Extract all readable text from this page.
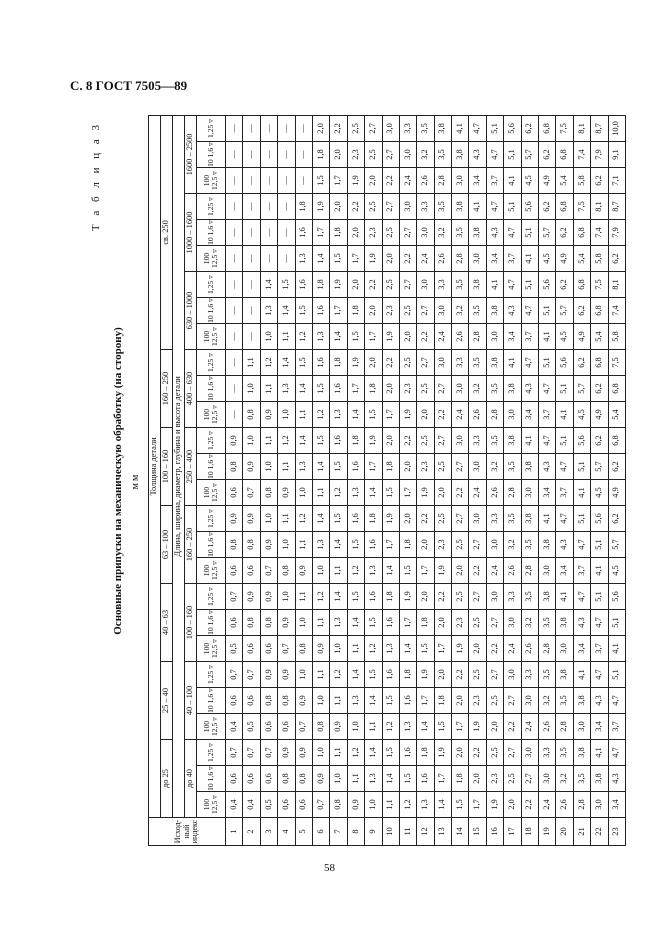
С. 8 ГОСТ 7505—89
Т а б л и ц а 3
Основные припуски на механическую обработку (на сторону) мм
Исход-ный индекс	Толщина детали																										
	до 25			25 – 40			40 – 63			63 – 100			100 – 160			160 – 250			св. 250								
	Длина, ширина, диаметр, глубина и высота детали																										
	до 40			40 – 100			100 – 160			160 – 250			250 – 400			400 – 630			630 – 1000			1000 – 1600			1600 – 2500		
	100 12,5 ▿	10 1,6 ▿	1,25 ▿	100 12,5 ▿	10 1,6 ▿	1,25 ▿	100 12,5 ▿	10 1,6 ▿	1,25 ▿	100 12,5 ▿	10 1,6 ▿	1,25 ▿	100 12,5 ▿	10 1,6 ▿	1,25 ▿	100 12,5 ▿	10 1,6 ▿	1,25 ▿	100 12,5 ▿	10 1,6 ▿	1,25 ▿	100 12,5 ▿	10 1,6 ▿	1,25 ▿	100 12,5 ▿	10 1,6 ▿	1,25 ▿
1	0,4	0,6	0,7	0,4	0,6	0,7	0,5	0,6	0,7	0,6	0,8	0,9	0,6	0,8	0,9	—	—	—	—	—	—	—	—	—	—	—	—
2	0,4	0,6	0,7	0,5	0,6	0,7	0,6	0,8	0,9	0,6	0,8	0,9	0,7	0,9	1,0	0,8	1,0	1,1	—	—	—	—	—	—	—	—	—
3	0,5	0,6	0,7	0,6	0,8	0,9	0,6	0,8	0,9	0,7	0,9	1,0	0,8	1,0	1,1	0,9	1,1	1,2	1,0	1,3	1,4	—	—	—	—	—	—
4	0,6	0,8	0,9	0,6	0,8	0,9	0,7	0,9	1,0	0,8	1,0	1,1	0,9	1,1	1,2	1,0	1,3	1,4	1,1	1,4	1,5	—	—	—	—	—	—
5	0,6	0,8	0,9	0,7	0,9	1,0	0,8	1,0	1,1	0,9	1,1	1,2	1,0	1,3	1,4	1,1	1,4	1,5	1,2	1,5	1,6	1,3	1,6	1,8	—	—	—
6	0,7	0,9	1,0	0,8	1,0	1,1	0,9	1,1	1,2	1,0	1,3	1,4	1,1	1,4	1,5	1,2	1,5	1,6	1,3	1,6	1,8	1,4	1,7	1,9	1,5	1,8	2,0
7	0,8	1,0	1,1	0,9	1,1	1,2	1,0	1,3	1,4	1,1	1,4	1,5	1,2	1,5	1,6	1,3	1,6	1,8	1,4	1,7	1,9	1,5	1,8	2,0	1,7	2,0	2,2
8	0,9	1,1	1,2	1,0	1,3	1,4	1,1	1,4	1,5	1,2	1,5	1,6	1,3	1,6	1,8	1,4	1,7	1,9	1,5	1,8	2,0	1,7	2,0	2,2	1,9	2,3	2,5
9	1,0	1,3	1,4	1,1	1,4	1,5	1,2	1,5	1,6	1,3	1,6	1,8	1,4	1,7	1,9	1,5	1,8	2,0	1,7	2,0	2,2	1,9	2,3	2,5	2,0	2,5	2,7
10	1,1	1,4	1,5	1,2	1,5	1,6	1,3	1,6	1,8	1,4	1,7	1,9	1,5	1,8	2,0	1,7	2,0	2,2	1,9	2,3	2,5	2,0	2,5	2,7	2,2	2,7	3,0
11	1,2	1,5	1,6	1,3	1,6	1,8	1,4	1,7	1,9	1,5	1,8	2,0	1,7	2,0	2,2	1,9	2,3	2,5	2,0	2,5	2,7	2,2	2,7	3,0	2,4	3,0	3,3
12	1,3	1,6	1,8	1,4	1,7	1,9	1,5	1,8	2,0	1,7	2,0	2,2	1,9	2,3	2,5	2,0	2,5	2,7	2,2	2,7	3,0	2,4	3,0	3,3	2,6	3,2	3,5
13	1,4	1,7	1,9	1,5	1,8	2,0	1,7	2,0	2,2	1,9	2,3	2,5	2,0	2,5	2,7	2,2	2,7	3,0	2,4	3,0	3,3	2,6	3,2	3,5	2,8	3,5	3,8
14	1,5	1,8	2,0	1,7	2,0	2,2	1,9	2,3	2,5	2,0	2,5	2,7	2,2	2,7	3,0	2,4	3,0	3,3	2,6	3,2	3,5	2,8	3,5	3,8	3,0	3,8	4,1
15	1,7	2,0	2,2	1,9	2,3	2,5	2,0	2,5	2,7	2,2	2,7	3,0	2,4	3,0	3,3	2,6	3,2	3,5	2,8	3,5	3,8	3,0	3,8	4,1	3,4	4,3	4,7
16	1,9	2,3	2,5	2,0	2,5	2,7	2,2	2,7	3,0	2,4	3,0	3,3	2,6	3,2	3,5	2,8	3,5	3,8	3,0	3,8	4,1	3,4	4,3	4,7	3,7	4,7	5,1
17	2,0	2,5	2,7	2,2	2,7	3,0	2,4	3,0	3,3	2,6	3,2	3,5	2,8	3,5	3,8	3,0	3,8	4,1	3,4	4,3	4,7	3,7	4,7	5,1	4,1	5,1	5,6
18	2,2	2,7	3,0	2,4	3,0	3,3	2,6	3,2	3,5	2,8	3,5	3,8	3,0	3,8	4,1	3,4	4,3	4,7	3,7	4,7	5,1	4,1	5,1	5,6	4,5	5,7	6,2
19	2,4	3,0	3,3	2,6	3,2	3,5	2,8	3,5	3,8	3,0	3,8	4,1	3,4	4,3	4,7	3,7	4,7	5,1	4,1	5,1	5,6	4,5	5,7	6,2	4,9	6,2	6,8
20	2,6	3,2	3,5	2,8	3,5	3,8	3,0	3,8	4,1	3,4	4,3	4,7	3,7	4,7	5,1	4,1	5,1	5,6	4,5	5,7	6,2	4,9	6,2	6,8	5,4	6,8	7,5
21	2,8	3,5	3,8	3,0	3,8	4,1	3,4	4,3	4,7	3,7	4,7	5,1	4,1	5,1	5,6	4,5	5,7	6,2	4,9	6,2	6,8	5,4	6,8	7,5	5,8	7,4	8,1
22	3,0	3,8	4,1	3,4	4,3	4,7	3,7	4,7	5,1	4,1	5,1	5,6	4,5	5,7	6,2	4,9	6,2	6,8	5,4	6,8	7,5	5,8	7,4	8,1	6,2	7,9	8,7
23	3,4	4,3	4,7	3,7	4,7	5,1	4,1	5,1	5,6	4,5	5,7	6,2	4,9	6,2	6,8	5,4	6,8	7,5	5,8	7,4	8,1	6,2	7,9	8,7	7,1	9,1	10,0
58
